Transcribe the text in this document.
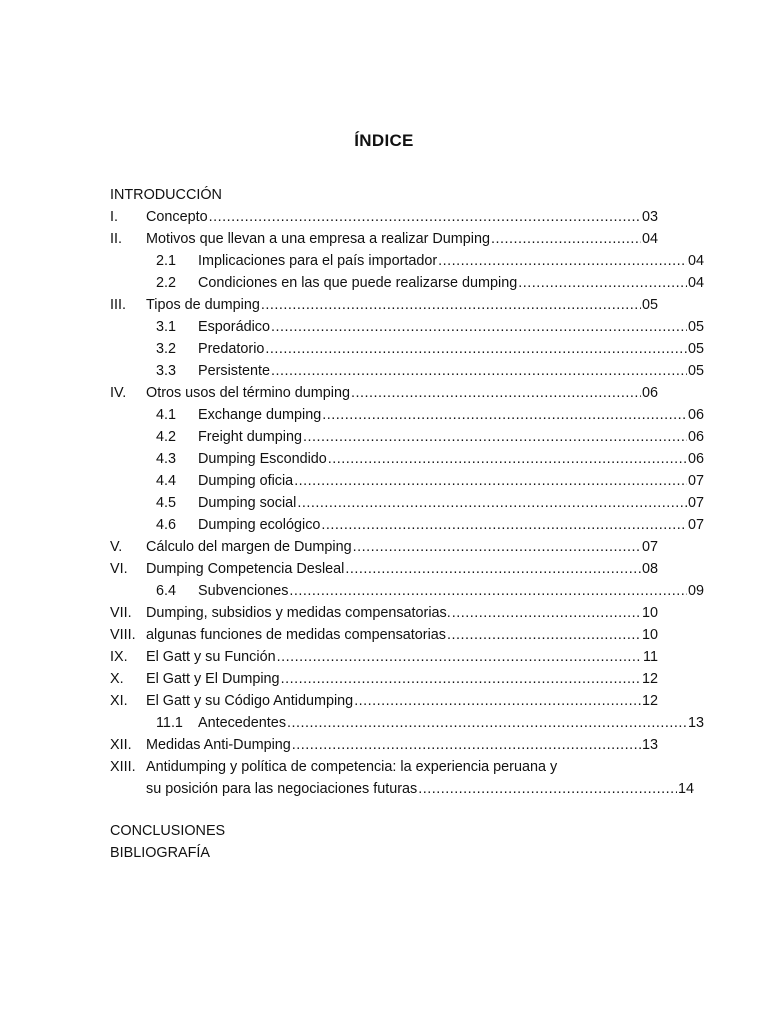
ÍNDICE
INTRODUCCIÓN
I.	Concepto .....	03
II.	Motivos que llevan a una empresa a realizar Dumping .....	04
2.1	Implicaciones para el país importador .....	04
2.2	Condiciones en las que puede realizarse dumping .....	04
III.	Tipos de dumping .....	05
3.1	Esporádico .....	05
3.2	Predatorio .....	05
3.3	Persistente .....	05
IV.	Otros usos del término dumping .....	06
4.1	Exchange dumping .....	06
4.2	Freight dumping .....	06
4.3	Dumping Escondido .....	06
4.4	Dumping oficia .....	07
4.5	Dumping social .....	07
4.6	Dumping ecológico .....	07
V.	Cálculo del margen de Dumping .....	07
VI.	Dumping Competencia Desleal .....	08
6.4	Subvenciones .....	09
VII.	Dumping, subsidios y medidas compensatorias. .....	10
VIII. algunas funciones de medidas compensatorias .....	10
IX.	El Gatt y su Función .....	11
X.	El Gatt y El Dumping .....	12
XI.	El Gatt y su Código Antidumping .....	12
11.1	Antecedentes .....	13
XII.	Medidas Anti-Dumping .....	13
XIII. Antidumping y política de competencia: la experiencia peruana y
su posición para las negociaciones futuras .....	14
CONCLUSIONES
BIBLIOGRAFÍA
